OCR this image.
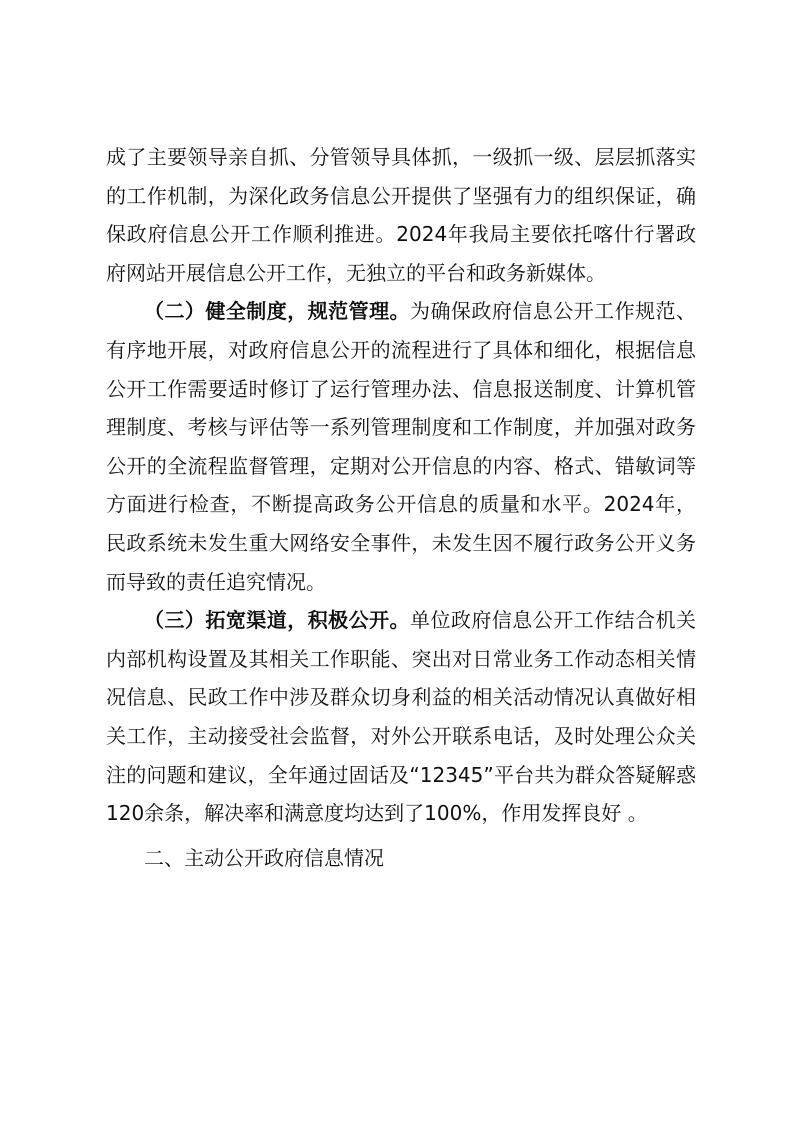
成了主要领导亲自抓、分管领导具体抓，一级抓一级、层层抓落实的工作机制，为深化政务信息公开提供了坚强有力的组织保证，确保政府信息公开工作顺利推进。2024年我局主要依托喀什行署政府网站开展信息公开工作，无独立的平台和政务新媒体。

（二）健全制度，规范管理。为确保政府信息公开工作规范、有序地开展，对政府信息公开的流程进行了具体和细化，根据信息公开工作需要适时修订了运行管理办法、信息报送制度、计算机管理制度、考核与评估等一系列管理制度和工作制度，并加强对政务公开的全流程监督管理，定期对公开信息的内容、格式、错敏词等方面进行检查，不断提高政务公开信息的质量和水平。2024年，民政系统未发生重大网络安全事件，未发生因不履行政务公开义务而导致的责任追究情况。

（三）拓宽渠道，积极公开。单位政府信息公开工作结合机关内部机构设置及其相关工作职能、突出对日常业务工作动态相关情况信息、民政工作中涉及群众切身利益的相关活动情况认真做好相关工作，主动接受社会监督，对外公开联系电话，及时处理公众关注的问题和建议，全年通过固话及“12345”平台共为群众答疑解惑120余条，解决率和满意度均达到了100%，作用发挥良好 。

二、主动公开政府信息情况
